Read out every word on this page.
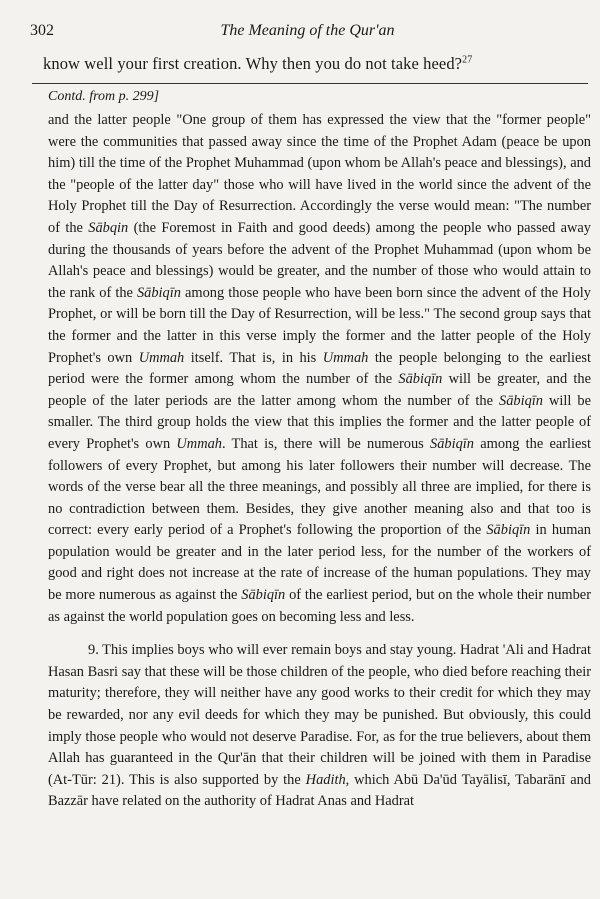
302	The Meaning of the Qur'an
know well your first creation. Why then you do not take heed?$^{27}$
Contd. from p. 299]

and the latter people "One group of them has expressed the view that the "former people" were the communities that passed away since the time of the Prophet Adam (peace be upon him) till the time of the Prophet Muhammad (upon whom be Allah's peace and blessings), and the "people of the latter day" those who will have lived in the world since the advent of the Holy Prophet till the Day of Resurrection. Accordingly the verse would mean: "The number of the Sābqin (the Foremost in Faith and good deeds) among the people who passed away during the thousands of years before the advent of the Prophet Muhammad (upon whom be Allah's peace and blessings) would be greater, and the number of those who would attain to the rank of the Sābiqīn among those people who have been born since the advent of the Holy Prophet, or will be born till the Day of Resurrection, will be less." The second group says that the former and the latter in this verse imply the former and the latter people of the Holy Prophet's own Ummah itself. That is, in his Ummah the people belonging to the earliest period were the former among whom the number of the Sābiqīn will be greater, and the people of the later periods are the latter among whom the number of the Sābiqīn will be smaller. The third group holds the view that this implies the former and the latter people of every Prophet's own Ummah. That is, there will be numerous Sābiqīn among the earliest followers of every Prophet, but among his later followers their number will decrease. The words of the verse bear all the three meanings, and possibly all three are implied, for there is no contradiction between them. Besides, they give another meaning also and that too is correct: every early period of a Prophet's following the proportion of the Sābiqīn in human population would be greater and in the later period less, for the number of the workers of good and right does not increase at the rate of increase of the human populations. They may be more numerous as against the Sābiqīn of the earliest period, but on the whole their number as against the world population goes on becoming less and less.

9. This implies boys who will ever remain boys and stay young. Hadrat 'Ali and Hadrat Hasan Basri say that these will be those children of the people, who died before reaching their maturity; therefore, they will neither have any good works to their credit for which they may be rewarded, nor any evil deeds for which they may be punished. But obviously, this could imply those people who would not deserve Paradise. For, as for the true believers, about them Allah has guaranteed in the Qur'ān that their children will be joined with them in Paradise (At-Tūr: 21). This is also supported by the Hadith, which Abū Da'ūd Tayālisī, Tabarānī and Bazzār have related on the authority of Hadrat Anas and Hadrat
